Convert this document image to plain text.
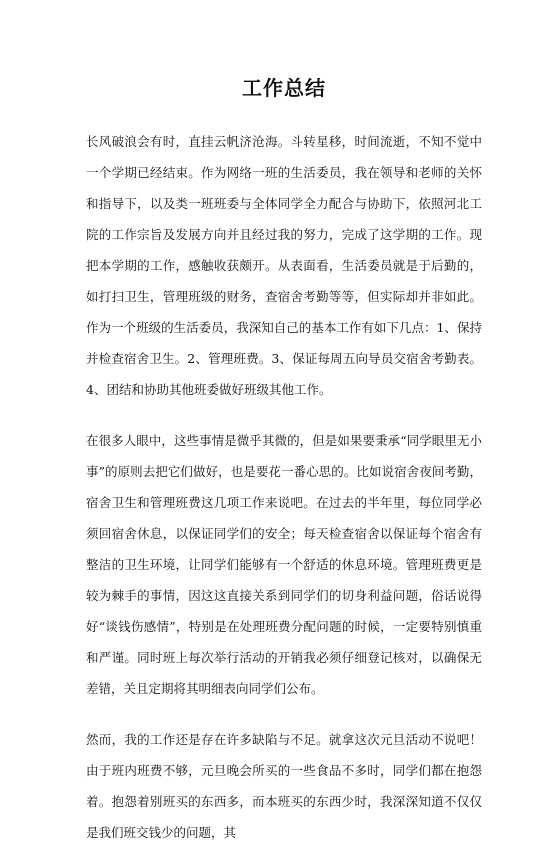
工作总结

长风破浪会有时，直挂云帆济沧海。斗转星移，时间流逝，不知不觉中一个学期已经结束。作为网络一班的生活委员，我在领导和老师的关怀和指导下，以及类一班班委与全体同学全力配合与协助下，依照河北工院的工作宗旨及发展方向并且经过我的努力，完成了这学期的工作。现把本学期的工作，感触收获颇开。从表面看，生活委员就是于后勤的，如打扫卫生，管理班级的财务，查宿舍考勤等等，但实际却并非如此。作为一个班级的生活委员，我深知自己的基本工作有如下几点：1、保持并检查宿舍卫生。2、管理班费。3、保证每周五向导员交宿舍考勤表。4、团结和协助其他班委做好班级其他工作。

在很多人眼中，这些事情是微乎其微的，但是如果要秉承“同学眼里无小事”的原则去把它们做好，也是要花一番心思的。比如说宿舍夜间考勤，宿舍卫生和管理班费这几项工作来说吧。在过去的半年里，每位同学必须回宿舍休息，以保证同学们的安全；每天检查宿舍以保证每个宿舍有整洁的卫生环境，让同学们能够有一个舒适的休息环境。管理班费更是较为棘手的事情，因这这直接关系到同学们的切身利益问题，俗话说得好“谈钱伤感情”，特别是在处理班费分配问题的时候，一定要特别慎重和严谨。同时班上每次举行活动的开销我必须仔细登记核对，以确保无差错，关且定期将其明细表向同学们公布。

然而，我的工作还是存在许多缺陷与不足。就拿这次元旦活动不说吧！由于班内班费不够，元旦晚会所买的一些食品不多时，同学们都在抱怨着。抱怨着别班买的东西多，而本班买的东西少时，我深深知道不仅仅是我们班交钱少的问题，其
